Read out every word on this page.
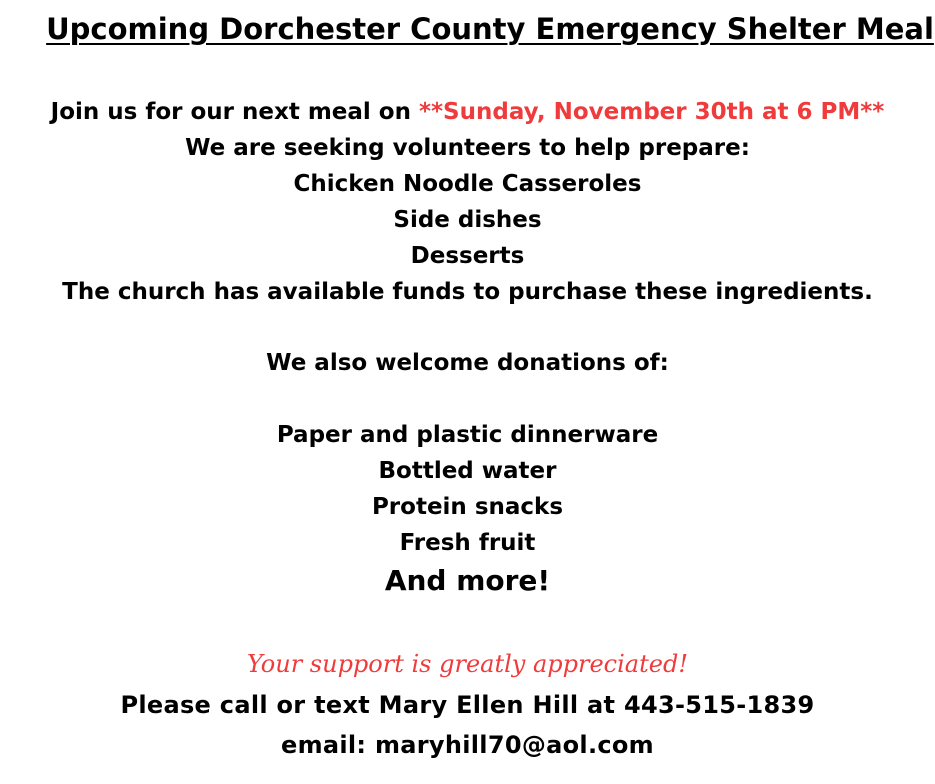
Upcoming Dorchester County Emergency Shelter Meal
Join us for our next meal on **Sunday, November 30th at 6 PM**
We are seeking volunteers to help prepare:
Chicken Noodle Casseroles
Side dishes
Desserts
The church has available funds to purchase these ingredients.
We also welcome donations of:
Paper and plastic dinnerware
Bottled water
Protein snacks
Fresh fruit
And more!
Your support is greatly appreciated!
Please call or text Mary Ellen Hill at 443-515-1839
email: maryhill70@aol.com
